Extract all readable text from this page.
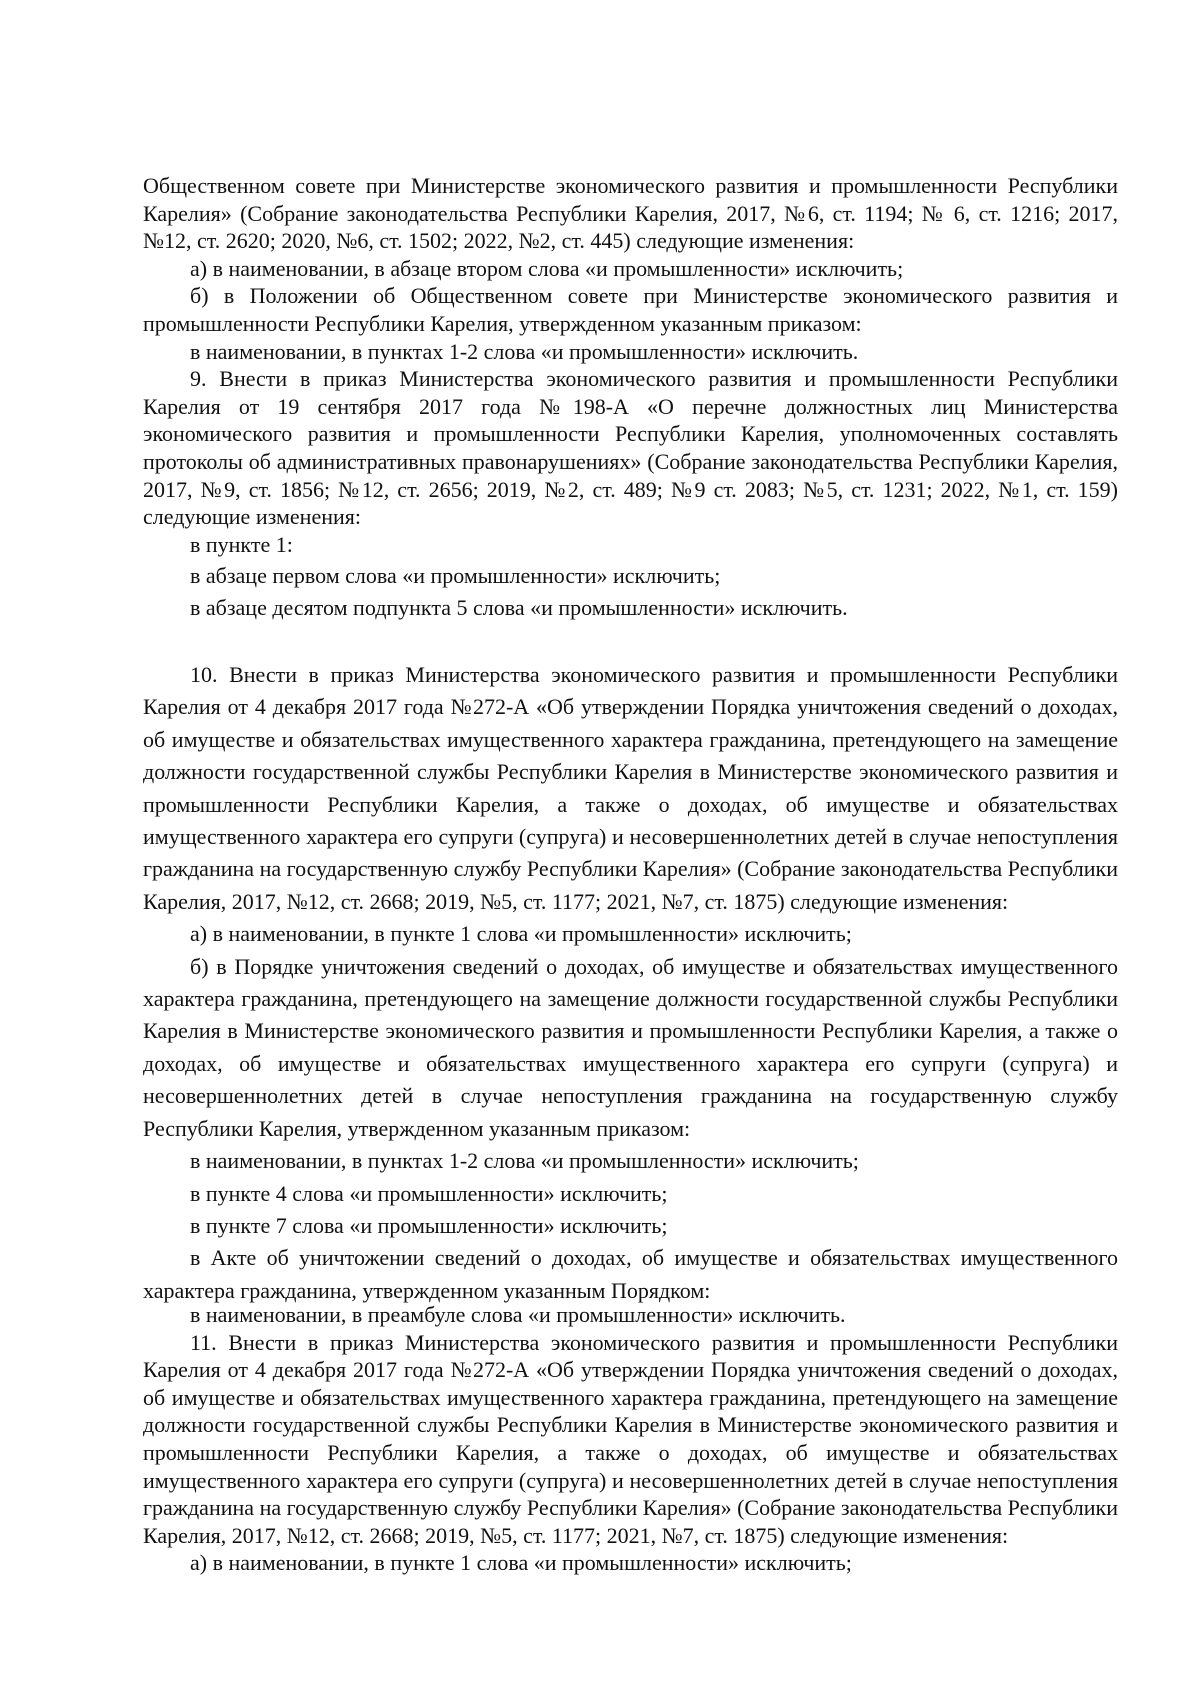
Общественном совете при Министерстве экономического развития и промышленности Республики Карелия» (Собрание законодательства Республики Карелия, 2017, №6, ст. 1194; № 6, ст. 1216; 2017, №12, ст. 2620; 2020, №6, ст. 1502; 2022, №2, ст. 445) следующие изменения:

а) в наименовании, в абзаце втором слова «и промышленности» исключить;

б) в Положении об Общественном совете при Министерстве экономического развития и промышленности Республики Карелия, утвержденном указанным приказом:

в наименовании, в пунктах 1-2 слова «и промышленности» исключить.

9. Внести в приказ Министерства экономического развития и промышленности Республики Карелия от 19 сентября 2017 года №198-А «О перечне должностных лиц Министерства экономического развития и промышленности Республики Карелия, уполномоченных составлять протоколы об административных правонарушениях» (Собрание законодательства Республики Карелия, 2017, №9, ст. 1856; №12, ст. 2656; 2019, №2, ст. 489; №9 ст. 2083; №5, ст. 1231; 2022, №1, ст. 159) следующие изменения:

в пункте 1:

в абзаце первом слова «и промышленности» исключить;

в абзаце десятом подпункта 5 слова «и промышленности» исключить.

10. Внести в приказ Министерства экономического развития и промышленности Республики Карелия от 4 декабря 2017 года №272-А «Об утверждении Порядка уничтожения сведений о доходах, об имуществе и обязательствах имущественного характера гражданина, претендующего на замещение должности государственной службы Республики Карелия в Министерстве экономического развития и промышленности Республики Карелия, а также о доходах, об имуществе и обязательствах имущественного характера его супруги (супруга) и несовершеннолетних детей в случае непоступления гражданина на государственную службу Республики Карелия» (Собрание законодательства Республики Карелия, 2017, №12, ст. 2668; 2019, №5, ст. 1177; 2021, №7, ст. 1875) следующие изменения:

а) в наименовании, в пункте 1 слова «и промышленности» исключить;

б) в Порядке уничтожения сведений о доходах, об имуществе и обязательствах имущественного характера гражданина, претендующего на замещение должности государственной службы Республики Карелия в Министерстве экономического развития и промышленности Республики Карелия, а также о доходах, об имуществе и обязательствах имущественного характера его супруги (супруга) и несовершеннолетних детей в случае непоступления гражданина на государственную службу Республики Карелия, утвержденном указанным приказом:

в наименовании, в пунктах 1-2 слова «и промышленности» исключить;

в пункте 4 слова «и промышленности» исключить;

в пункте 7 слова «и промышленности» исключить;

в Акте об уничтожении сведений о доходах, об имуществе и обязательствах имущественного характера гражданина, утвержденном указанным Порядком:

в наименовании, в преамбуле слова «и промышленности» исключить.

11. Внести в приказ Министерства экономического развития и промышленности Республики Карелия от 4 декабря 2017 года №272-А «Об утверждении Порядка уничтожения сведений о доходах, об имуществе и обязательствах имущественного характера гражданина, претендующего на замещение должности государственной службы Республики Карелия в Министерстве экономического развития и промышленности Республики Карелия, а также о доходах, об имуществе и обязательствах имущественного характера его супруги (супруга) и несовершеннолетних детей в случае непоступления гражданина на государственную службу Республики Карелия» (Собрание законодательства Республики Карелия, 2017, №12, ст. 2668; 2019, №5, ст. 1177; 2021, №7, ст. 1875) следующие изменения:

а) в наименовании, в пункте 1 слова «и промышленности» исключить;
